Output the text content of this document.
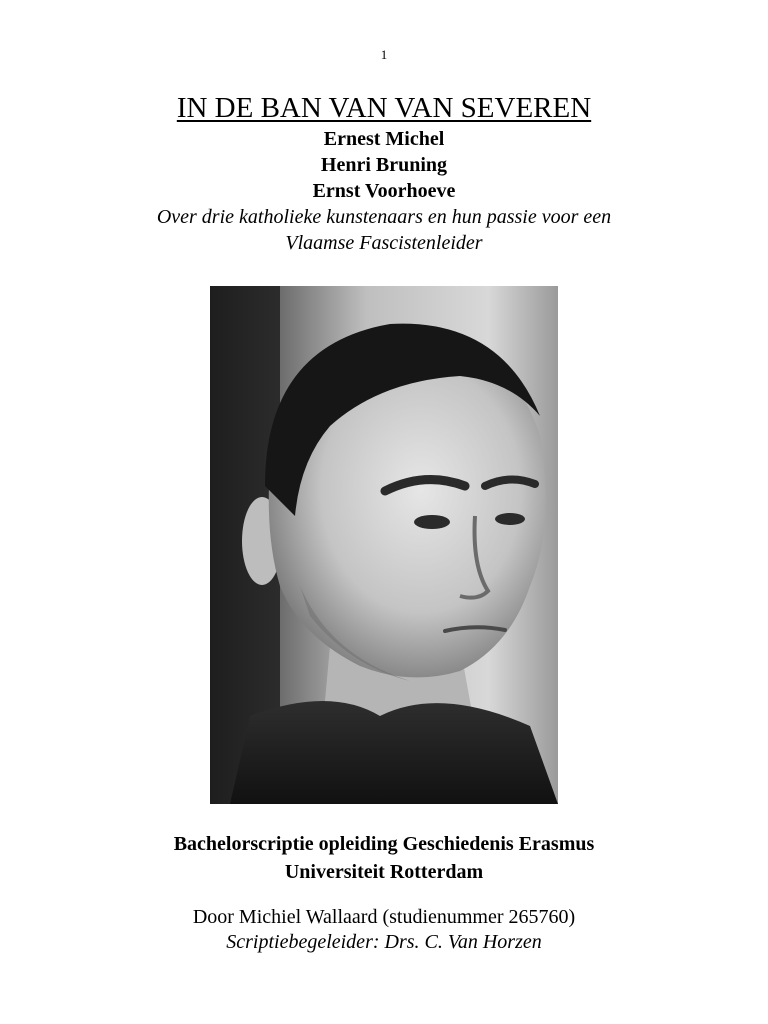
1
IN DE BAN VAN VAN SEVEREN

Ernest Michel

Henri Bruning

Ernst Voorhoeve

Over drie katholieke kunstenaars en hun passie voor een

Vlaamse Fascistenleider

Bachelorscriptie opleiding Geschiedenis Erasmus

Universiteit Rotterdam

Door Michiel Wallaard (studienummer 265760)

Scriptiebegeleider: Drs. C. Van Horzen
